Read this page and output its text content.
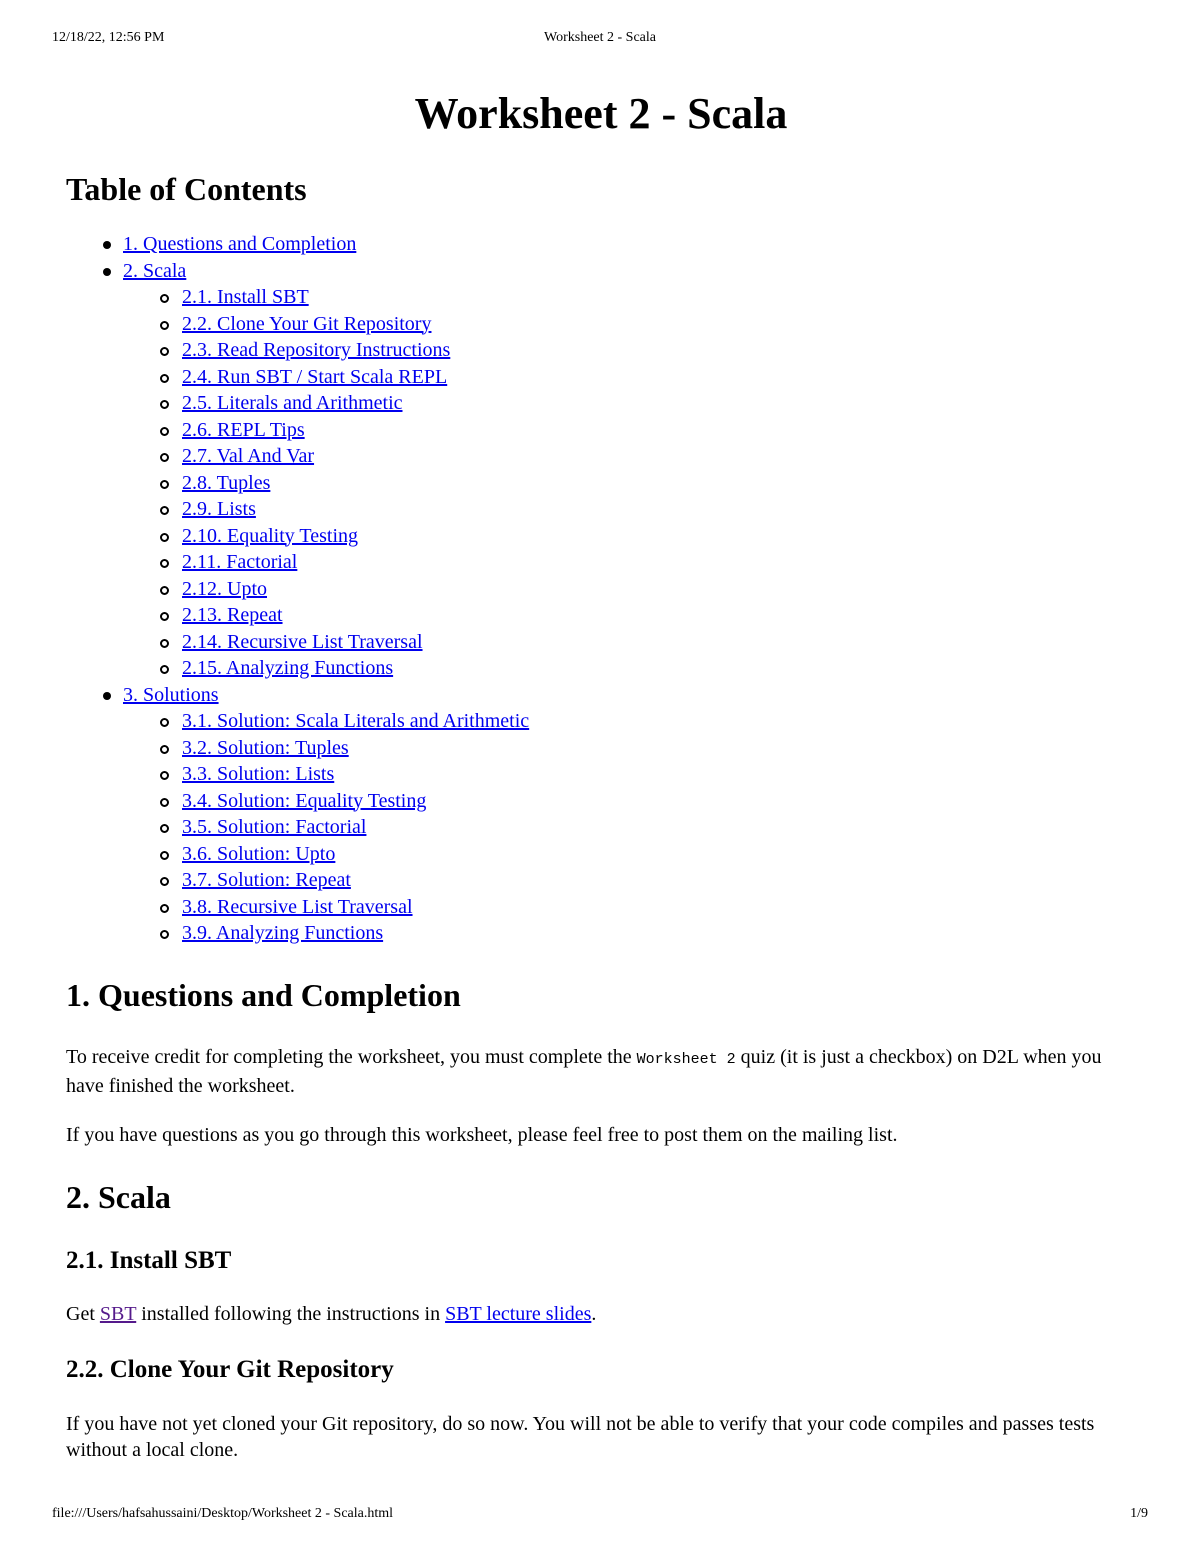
12/18/22, 12:56 PM	Worksheet 2 - Scala
Worksheet 2 - Scala
Table of Contents
1. Questions and Completion
2. Scala
2.1. Install SBT
2.2. Clone Your Git Repository
2.3. Read Repository Instructions
2.4. Run SBT / Start Scala REPL
2.5. Literals and Arithmetic
2.6. REPL Tips
2.7. Val And Var
2.8. Tuples
2.9. Lists
2.10. Equality Testing
2.11. Factorial
2.12. Upto
2.13. Repeat
2.14. Recursive List Traversal
2.15. Analyzing Functions
3. Solutions
3.1. Solution: Scala Literals and Arithmetic
3.2. Solution: Tuples
3.3. Solution: Lists
3.4. Solution: Equality Testing
3.5. Solution: Factorial
3.6. Solution: Upto
3.7. Solution: Repeat
3.8. Recursive List Traversal
3.9. Analyzing Functions
1. Questions and Completion

To receive credit for completing the worksheet, you must complete the Worksheet 2 quiz (it is just a checkbox) on D2L when you have finished the worksheet.

If you have questions as you go through this worksheet, please feel free to post them on the mailing list.

2. Scala
2.1. Install SBT

Get SBT installed following the instructions in SBT lecture slides.

2.2. Clone Your Git Repository

If you have not yet cloned your Git repository, do so now. You will not be able to verify that your code compiles and passes tests without a local clone.

file:///Users/hafsahussaini/Desktop/Worksheet 2 - Scala.html	1/9
